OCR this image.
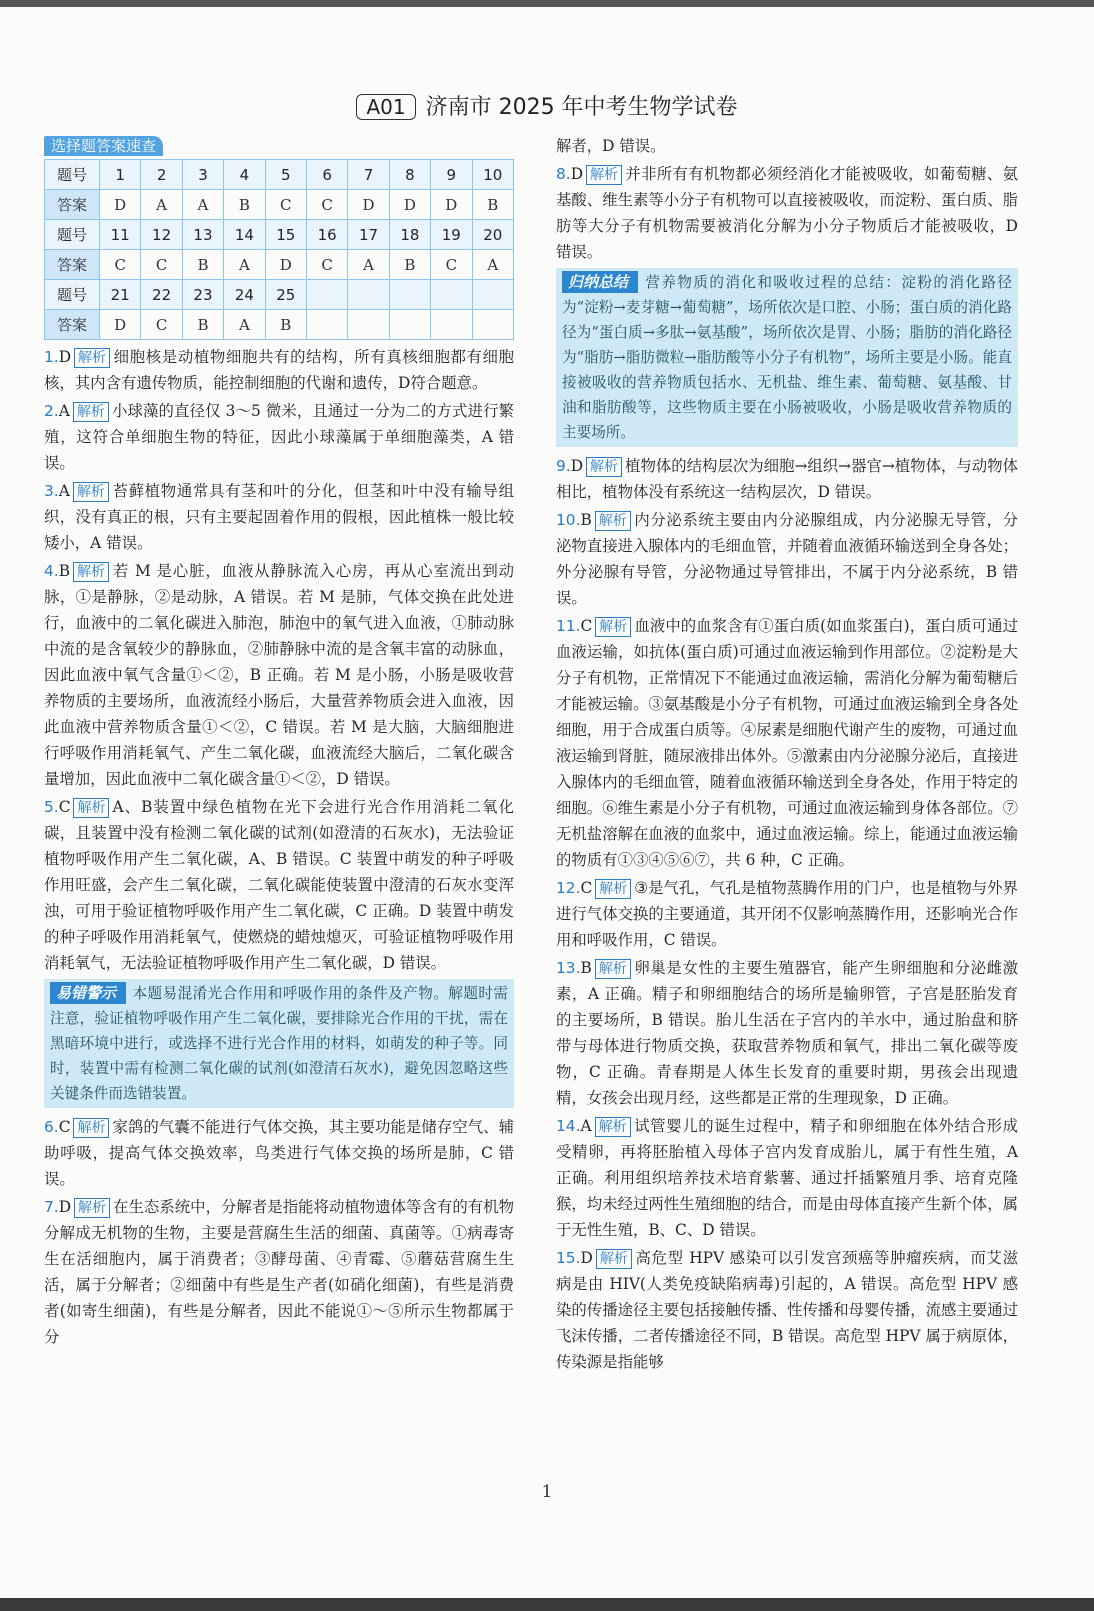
A01 济南市 2025 年中考生物学试卷
选择题答案速查
题号	1	2	3	4	5	6	7	8	9	10
答案	D	A	A	B	C	C	D	D	D	B
题号	11	12	13	14	15	16	17	18	19	20
答案	C	C	B	A	D	C	A	B	C	A
题号	21	22	23	24	25					
答案	D	C	B	A	B					

1.D 解析 细胞核是动植物细胞共有的结构，所有真核细胞都有细胞核，其内含有遗传物质，能控制细胞的代谢和遗传，D符合题意。

2.A 解析 小球藻的直径仅 3～5 微米，且通过一分为二的方式进行繁殖，这符合单细胞生物的特征，因此小球藻属于单细胞藻类，A 错误。

3.A 解析 苔藓植物通常具有茎和叶的分化，但茎和叶中没有输导组织，没有真正的根，只有主要起固着作用的假根，因此植株一般比较矮小，A 错误。

4.B 解析 若 M 是心脏，血液从静脉流入心房，再从心室流出到动脉，①是静脉，②是动脉，A 错误。若 M 是肺，气体交换在此处进行，血液中的二氧化碳进入肺泡，肺泡中的氧气进入血液，①肺动脉中流的是含氧较少的静脉血，②肺静脉中流的是含氧丰富的动脉血，因此血液中氧气含量①＜②，B 正确。若 M 是小肠，小肠是吸收营养物质的主要场所，血液流经小肠后，大量营养物质会进入血液，因此血液中营养物质含量①＜②，C 错误。若 M 是大脑，大脑细胞进行呼吸作用消耗氧气、产生二氧化碳，血液流经大脑后，二氧化碳含量增加，因此血液中二氧化碳含量①＜②，D 错误。

5.C 解析 A、B装置中绿色植物在光下会进行光合作用消耗二氧化碳，且装置中没有检测二氧化碳的试剂(如澄清的石灰水)，无法验证植物呼吸作用产生二氧化碳，A、B 错误。C 装置中萌发的种子呼吸作用旺盛，会产生二氧化碳，二氧化碳能使装置中澄清的石灰水变浑浊，可用于验证植物呼吸作用产生二氧化碳，C 正确。D 装置中萌发的种子呼吸作用消耗氧气，使燃烧的蜡烛熄灭，可验证植物呼吸作用消耗氧气，无法验证植物呼吸作用产生二氧化碳，D 错误。

易错警示 本题易混淆光合作用和呼吸作用的条件及产物。解题时需注意，验证植物呼吸作用产生二氧化碳，要排除光合作用的干扰，需在黑暗环境中进行，或选择不进行光合作用的材料，如萌发的种子等。同时，装置中需有检测二氧化碳的试剂(如澄清石灰水)，避免因忽略这些关键条件而选错装置。

6.C 解析 家鸽的气囊不能进行气体交换，其主要功能是储存空气、辅助呼吸，提高气体交换效率，鸟类进行气体交换的场所是肺，C 错误。

7.D 解析 在生态系统中，分解者是指能将动植物遗体等含有的有机物分解成无机物的生物，主要是营腐生生活的细菌、真菌等。①病毒寄生在活细胞内，属于消费者；③酵母菌、④青霉、⑤蘑菇营腐生生活，属于分解者；②细菌中有些是生产者(如硝化细菌)，有些是消费者(如寄生细菌)，有些是分解者，因此不能说①～⑤所示生物都属于分

解者，D 错误。

8.D 解析 并非所有有机物都必须经消化才能被吸收，如葡萄糖、氨基酸、维生素等小分子有机物可以直接被吸收，而淀粉、蛋白质、脂肪等大分子有机物需要被消化分解为小分子物质后才能被吸收，D 错误。

归纳总结 营养物质的消化和吸收过程的总结：淀粉的消化路径为“淀粉→麦芽糖→葡萄糖”，场所依次是口腔、小肠；蛋白质的消化路径为“蛋白质→多肽→氨基酸”，场所依次是胃、小肠；脂肪的消化路径为“脂肪→脂肪微粒→脂肪酸等小分子有机物”，场所主要是小肠。能直接被吸收的营养物质包括水、无机盐、维生素、葡萄糖、氨基酸、甘油和脂肪酸等，这些物质主要在小肠被吸收，小肠是吸收营养物质的主要场所。

9.D 解析 植物体的结构层次为细胞→组织→器官→植物体，与动物体相比，植物体没有系统这一结构层次，D 错误。

10.B 解析 内分泌系统主要由内分泌腺组成，内分泌腺无导管，分泌物直接进入腺体内的毛细血管，并随着血液循环输送到全身各处；外分泌腺有导管，分泌物通过导管排出，不属于内分泌系统，B 错误。

11.C 解析 血液中的血浆含有①蛋白质(如血浆蛋白)，蛋白质可通过血液运输，如抗体(蛋白质)可通过血液运输到作用部位。②淀粉是大分子有机物，正常情况下不能通过血液运输，需消化分解为葡萄糖后才能被运输。③氨基酸是小分子有机物，可通过血液运输到全身各处细胞，用于合成蛋白质等。④尿素是细胞代谢产生的废物，可通过血液运输到肾脏，随尿液排出体外。⑤激素由内分泌腺分泌后，直接进入腺体内的毛细血管，随着血液循环输送到全身各处，作用于特定的细胞。⑥维生素是小分子有机物，可通过血液运输到身体各部位。⑦无机盐溶解在血液的血浆中，通过血液运输。综上，能通过血液运输的物质有①③④⑤⑥⑦，共 6 种，C 正确。

12.C 解析 ③是气孔，气孔是植物蒸腾作用的门户，也是植物与外界进行气体交换的主要通道，其开闭不仅影响蒸腾作用，还影响光合作用和呼吸作用，C 错误。

13.B 解析 卵巢是女性的主要生殖器官，能产生卵细胞和分泌雌激素，A 正确。精子和卵细胞结合的场所是输卵管，子宫是胚胎发育的主要场所，B 错误。胎儿生活在子宫内的羊水中，通过胎盘和脐带与母体进行物质交换，获取营养物质和氧气，排出二氧化碳等废物，C 正确。青春期是人体生长发育的重要时期，男孩会出现遗精，女孩会出现月经，这些都是正常的生理现象，D 正确。

14.A 解析 试管婴儿的诞生过程中，精子和卵细胞在体外结合形成受精卵，再将胚胎植入母体子宫内发育成胎儿，属于有性生殖，A 正确。利用组织培养技术培育紫薯、通过扦插繁殖月季、培育克隆猴，均未经过两性生殖细胞的结合，而是由母体直接产生新个体，属于无性生殖，B、C、D 错误。

15.D 解析 高危型 HPV 感染可以引发宫颈癌等肿瘤疾病，而艾滋病是由 HIV(人类免疫缺陷病毒)引起的，A 错误。高危型 HPV 感染的传播途径主要包括接触传播、性传播和母婴传播，流感主要通过飞沫传播，二者传播途径不同，B 错误。高危型 HPV 属于病原体，传染源是指能够

1
